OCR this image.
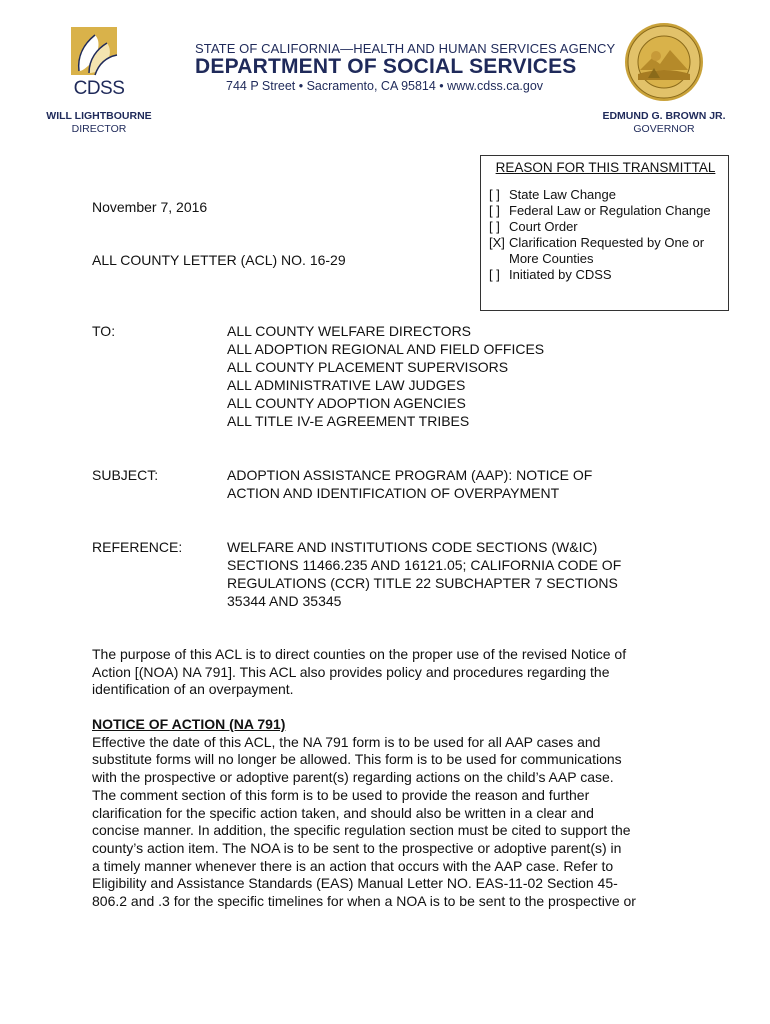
CDSS
STATE OF CALIFORNIA—HEALTH AND HUMAN SERVICES AGENCY
DEPARTMENT OF SOCIAL SERVICES
744 P Street • Sacramento, CA 95814 • www.cdss.ca.gov
WILL LIGHTBOURNE
DIRECTOR
EDMUND G. BROWN JR.
GOVERNOR
REASON FOR THIS TRANSMITTAL
[ ] State Law Change
[ ] Federal Law or Regulation Change
[ ] Court Order
[X] Clarification Requested by One or More Counties
[ ] Initiated by CDSS
November 7, 2016
ALL COUNTY LETTER (ACL) NO. 16-29
TO:	ALL COUNTY WELFARE DIRECTORS
ALL ADOPTION REGIONAL AND FIELD OFFICES
ALL COUNTY PLACEMENT SUPERVISORS
ALL ADMINISTRATIVE LAW JUDGES
ALL COUNTY ADOPTION AGENCIES
ALL TITLE IV-E AGREEMENT TRIBES
SUBJECT:	ADOPTION ASSISTANCE PROGRAM (AAP): NOTICE OF
ACTION AND IDENTIFICATION OF OVERPAYMENT
REFERENCE:	WELFARE AND INSTITUTIONS CODE SECTIONS (W&IC)
SECTIONS 11466.235 AND 16121.05; CALIFORNIA CODE OF
REGULATIONS (CCR) TITLE 22 SUBCHAPTER 7 SECTIONS
35344 AND 35345
The purpose of this ACL is to direct counties on the proper use of the revised Notice of
Action [(NOA) NA 791]. This ACL also provides policy and procedures regarding the
identification of an overpayment.
NOTICE OF ACTION (NA 791)
Effective the date of this ACL, the NA 791 form is to be used for all AAP cases and
substitute forms will no longer be allowed. This form is to be used for communications
with the prospective or adoptive parent(s) regarding actions on the child’s AAP case.
The comment section of this form is to be used to provide the reason and further
clarification for the specific action taken, and should also be written in a clear and
concise manner. In addition, the specific regulation section must be cited to support the
county’s action item. The NOA is to be sent to the prospective or adoptive parent(s) in
a timely manner whenever there is an action that occurs with the AAP case. Refer to
Eligibility and Assistance Standards (EAS) Manual Letter NO. EAS-11-02 Section 45-
806.2 and .3 for the specific timelines for when a NOA is to be sent to the prospective or
